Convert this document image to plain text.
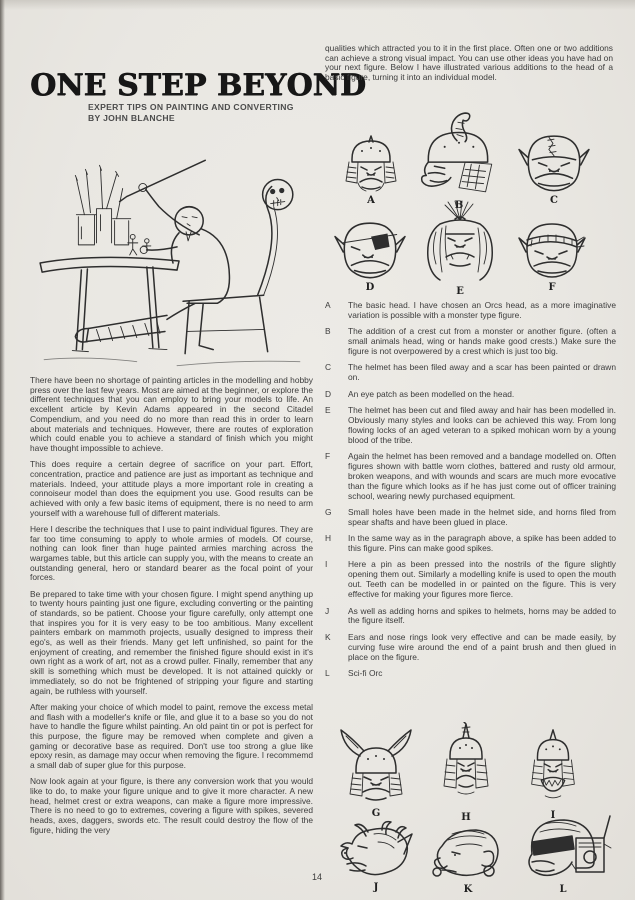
ONE STEP BEYOND
EXPERT TIPS ON PAINTING AND CONVERTING
BY JOHN BLANCHE

There have been no shortage of painting articles in the modelling and hobby press over the last few years. Most are aimed at the beginner, or explore the different techniques that you can employ to bring your models to life. An excellent article by Kevin Adams appeared in the second Citadel Compendium, and you need do no more than read this in order to learn about materials and techniques. However, there are routes of exploration which could enable you to achieve a standard of finish which you might have thought impossible to achieve.

This does require a certain degree of sacrifice on your part. Effort, concentration, practice and patience are just as important as technique and materials. Indeed, your attitude plays a more important role in creating a connoiseur model than does the equipment you use. Good results can be achieved with only a few basic items of equipment, there is no need to arm yourself with a warehouse full of different materials.

Here I describe the techniques that I use to paint individual figures. They are far too time consuming to apply to whole armies of models. Of course, nothing can look finer than huge painted armies marching across the wargames table, but this article can supply you, with the means to create an outstanding general, hero or standard bearer as the focal point of your forces.

Be prepared to take time with your chosen figure. I might spend anything up to twenty hours painting just one figure, excluding converting or the painting of standards, so be patient. Choose your figure carefully, only attempt one that inspires you for it is very easy to be too ambitious. Many excellent painters embark on mammoth projects, usually designed to impress their ego's, as well as their friends. Many get left unfinished, so paint for the enjoyment of creating, and remember the finished figure should exist in it's own right as a work of art, not as a crowd puller. Finally, remember that any skill is something which must be developed. It is not attained quickly or immediately, so do not be frightened of stripping your figure and starting again, be ruthless with yourself.

After making your choice of which model to paint, remove the excess metal and flash with a modeller's knife or file, and glue it to a base so you do not have to handle the figure whilst painting. An old paint tin or pot is perfect for this purpose, the figure may be removed when complete and given a gaming or decorative base as required. Don't use too strong a glue like epoxy resin, as damage may occur when removing the figure. I recommemd a small dab of super glue for this purpose.

Now look again at your figure, is there any conversion work that you would like to do, to make your figure unique and to give it more character. A new head, helmet crest or extra weapons, can make a figure more impressive. There is no need to go to extremes, covering a figure with spikes, severed heads, axes, daggers, swords etc. The result could destroy the flow of the figure, hiding the very

qualities which attracted you to it in the first place. Often one or two additions can achieve a strong visual impact. You can use other ideas you have had on your next figure. Below I have illustrated various additions to the head of a basic figure, turning it into an individual model.

A	B	C
D	E	F
A	The basic head. I have chosen an Orcs head, as a more imaginative variation is possible with a monster type figure.
B	The addition of a crest cut from a monster or another figure. (often a small animals head, wing or hands make good crests.) Make sure the figure is not overpowered by a crest which is just too big.
C	The helmet has been filed away and a scar has been painted or drawn on.
D	An eye patch as been modelled on the head.
E	The helmet has been cut and filed away and hair has been modelled in. Obviously many styles and looks can be achieved this way. From long flowing locks of an aged veteran to a spiked mohican worn by a young blood of the tribe.
F	Again the helmet has been removed and a bandage modelled on. Often figures shown with battle worn clothes, battered and rusty old armour, broken weapons, and with wounds and scars are much more evocative than the figure which looks as if he has just come out of officer training school, wearing newly purchased equipment.
G	Small holes have been made in the helmet side, and horns filed from spear shafts and have been glued in place.
H	In the same way as in the paragraph above, a spike has been added to this figure. Pins can make good spikes.
I	Here a pin as been pressed into the nostrils of the figure slightly opening them out. Similarly a modelling knife is used to open the mouth out. Teeth can be modelled in or painted on the figure. This is very effective for making your figures more fierce.
J	As well as adding horns and spikes to helmets, horns may be added to the figure itself.
K	Ears and nose rings look very effective and can be made easily, by curving fuse wire around the end of a paint brush and then glued in place on the figure.
L	Sci-fi Orc
G	H	I
J	K	L
14
